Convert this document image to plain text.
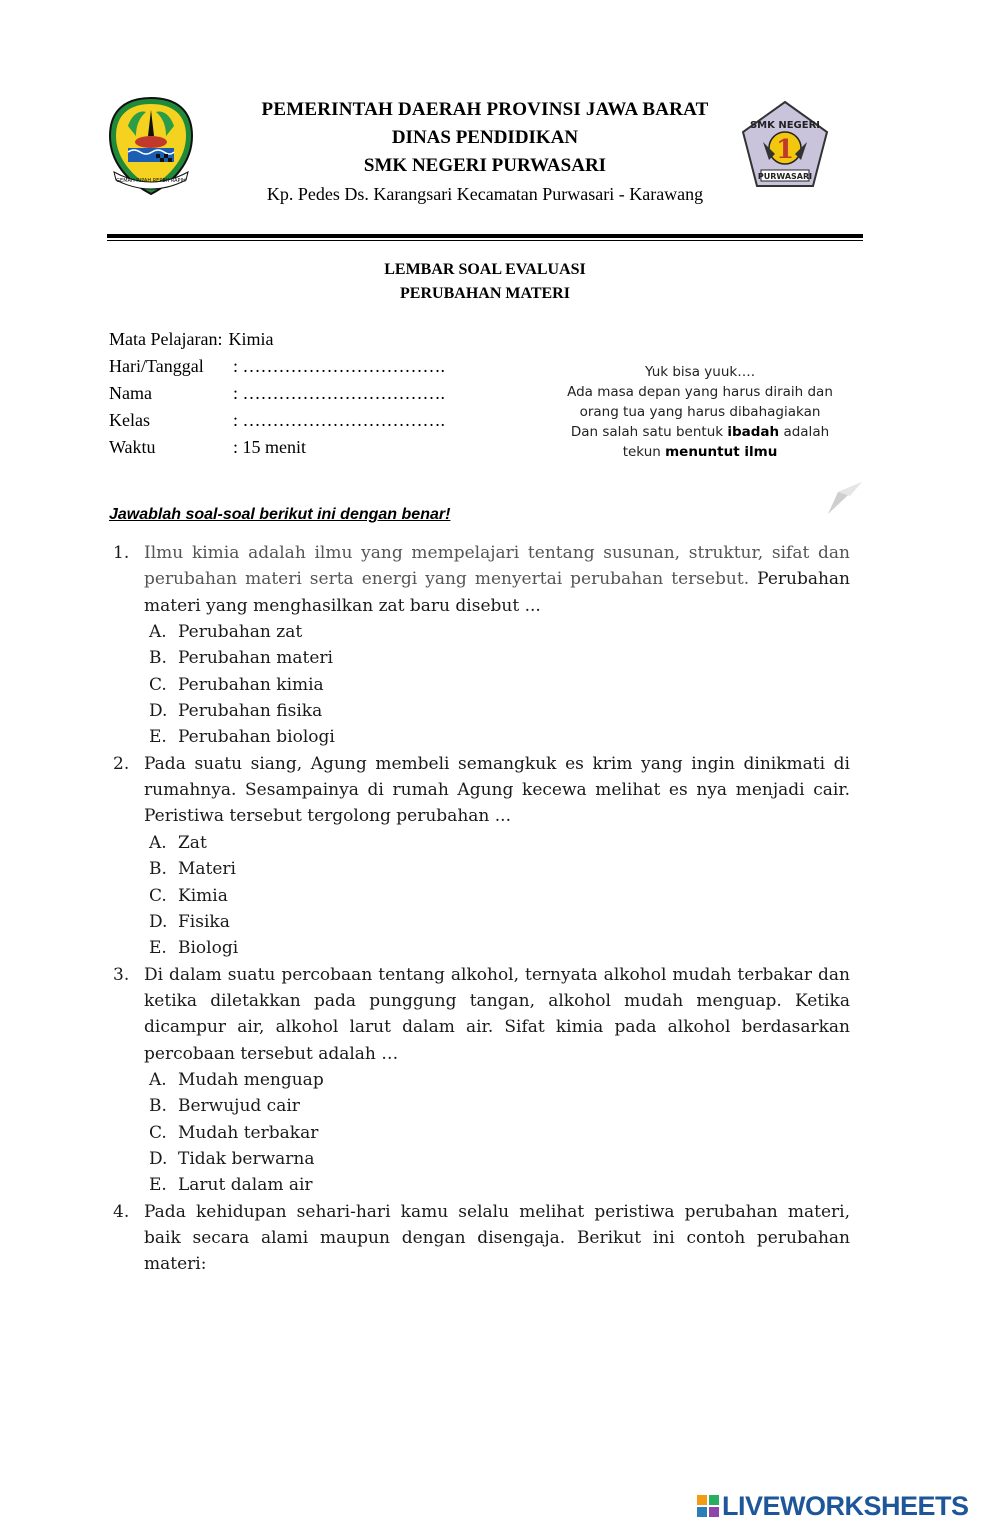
GEMAH RIPAH REPEH RAPIH
PEMERINTAH DAERAH PROVINSI JAWA BARAT
DINAS PENDIDIKAN
SMK NEGERI PURWASARI
Kp. Pedes Ds. Karangsari Kecamatan Purwasari - Karawang
SMK NEGERI
1
PURWASARI
LEMBAR SOAL EVALUASI
PERUBAHAN MATERI
Mata Pelajaran: Kimia
Hari/Tanggal : …………………………….
Nama	: …………………………….
Kelas	: …………………………….
Waktu	: 15 menit
Yuk bisa yuuk….
Ada masa depan yang harus diraih dan
orang tua yang harus dibahagiakan
Dan salah satu bentuk ibadah adalah
tekun menuntut ilmu
Jawablah soal-soal berikut ini dengan benar!
1. Ilmu kimia adalah ilmu yang mempelajari tentang susunan, struktur, sifat dan perubahan materi serta energi yang menyertai perubahan tersebut. Perubahan materi yang menghasilkan zat baru disebut ...
A. Perubahan zat
B. Perubahan materi
C. Perubahan kimia
D. Perubahan fisika
E. Perubahan biologi
2. Pada suatu siang, Agung membeli semangkuk es krim yang ingin dinikmati di rumahnya. Sesampainya di rumah Agung kecewa melihat es nya menjadi cair. Peristiwa tersebut tergolong perubahan ...
A. Zat
B. Materi
C. Kimia
D. Fisika
E. Biologi
3. Di dalam suatu percobaan tentang alkohol, ternyata alkohol mudah terbakar dan ketika diletakkan pada punggung tangan, alkohol mudah menguap. Ketika dicampur air, alkohol larut dalam air. Sifat kimia pada alkohol berdasarkan percobaan tersebut adalah …
A. Mudah menguap
B. Berwujud cair
C. Mudah terbakar
D. Tidak berwarna
E. Larut dalam air
4. Pada kehidupan sehari-hari kamu selalu melihat peristiwa perubahan materi, baik secara alami maupun dengan disengaja. Berikut ini contoh perubahan materi:
LIVEWORKSHEETS
